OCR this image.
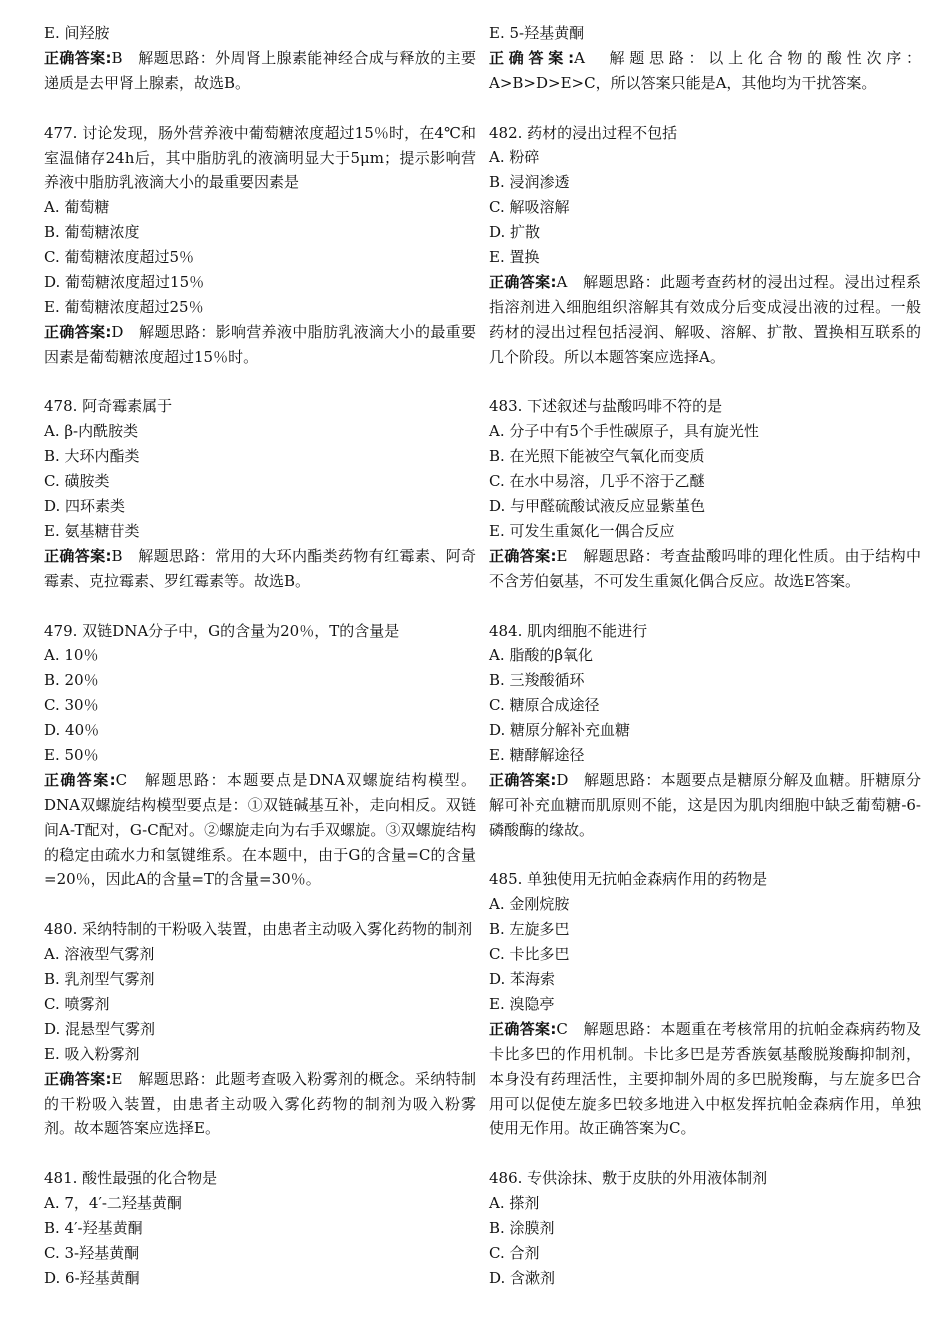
E. 间羟胺
正确答案:B　解题思路：外周肾上腺素能神经合成与释放的主要递质是去甲肾上腺素，故选B。
477. 讨论发现，肠外营养液中葡萄糖浓度超过15％时，在4℃和室温储存24h后，其中脂肪乳的液滴明显大于5μm；提示影响营养液中脂肪乳液滴大小的最重要因素是
A. 葡萄糖
B. 葡萄糖浓度
C. 葡萄糖浓度超过5％
D. 葡萄糖浓度超过15％
E. 葡萄糖浓度超过25％
正确答案:D　解题思路：影响营养液中脂肪乳液滴大小的最重要因素是葡萄糖浓度超过15％时。
478. 阿奇霉素属于
A. β-内酰胺类
B. 大环内酯类
C. 磺胺类
D. 四环素类
E. 氨基糖苷类
正确答案:B　解题思路：常用的大环内酯类药物有红霉素、阿奇霉素、克拉霉素、罗红霉素等。故选B。
479. 双链DNA分子中，G的含量为20％，T的含量是
A. 10％
B. 20％
C. 30％
D. 40％
E. 50％
正确答案:C　解题思路：本题要点是DNA双螺旋结构模型。DNA双螺旋结构模型要点是：①双链碱基互补，走向相反。双链间A-T配对，G-C配对。②螺旋走向为右手双螺旋。③双螺旋结构的稳定由疏水力和氢键维系。在本题中，由于G的含量=C的含量=20％，因此A的含量=T的含量=30％。
480. 采纳特制的干粉吸入装置，由患者主动吸入雾化药物的制剂
A. 溶液型气雾剂
B. 乳剂型气雾剂
C. 喷雾剂
D. 混悬型气雾剂
E. 吸入粉雾剂
正确答案:E　解题思路：此题考查吸入粉雾剂的概念。采纳特制的干粉吸入装置，由患者主动吸入雾化药物的制剂为吸入粉雾剂。故本题答案应选择E。
481. 酸性最强的化合物是
A. 7，4′-二羟基黄酮
B. 4′-羟基黄酮
C. 3-羟基黄酮
D. 6-羟基黄酮
E. 5-羟基黄酮
正确答案:A　解题思路：以上化合物的酸性次序：A>B>D>E>C，所以答案只能是A，其他均为干扰答案。
482. 药材的浸出过程不包括
A. 粉碎
B. 浸润渗透
C. 解吸溶解
D. 扩散
E. 置换
正确答案:A　解题思路：此题考查药材的浸出过程。浸出过程系指溶剂进入细胞组织溶解其有效成分后变成浸出液的过程。一般药材的浸出过程包括浸润、解吸、溶解、扩散、置换相互联系的几个阶段。所以本题答案应选择A。
483. 下述叙述与盐酸吗啡不符的是
A. 分子中有5个手性碳原子，具有旋光性
B. 在光照下能被空气氧化而变质
C. 在水中易溶，几乎不溶于乙醚
D. 与甲醛硫酸试液反应显紫堇色
E. 可发生重氮化一偶合反应
正确答案:E　解题思路：考查盐酸吗啡的理化性质。由于结构中不含芳伯氨基，不可发生重氮化偶合反应。故选E答案。
484. 肌肉细胞不能进行
A. 脂酸的β氧化
B. 三羧酸循环
C. 糖原合成途径
D. 糖原分解补充血糖
E. 糖酵解途径
正确答案:D　解题思路：本题要点是糖原分解及血糖。肝糖原分解可补充血糖而肌原则不能，这是因为肌肉细胞中缺乏葡萄糖-6-磷酸酶的缘故。
485. 单独使用无抗帕金森病作用的药物是
A. 金刚烷胺
B. 左旋多巴
C. 卡比多巴
D. 苯海索
E. 溴隐亭
正确答案:C　解题思路：本题重在考核常用的抗帕金森病药物及卡比多巴的作用机制。卡比多巴是芳香族氨基酸脱羧酶抑制剂，本身没有药理活性，主要抑制外周的多巴脱羧酶，与左旋多巴合用可以促使左旋多巴较多地进入中枢发挥抗帕金森病作用，单独使用无作用。故正确答案为C。
486. 专供涂抹、敷于皮肤的外用液体制剂
A. 搽剂
B. 涂膜剂
C. 合剂
D. 含漱剂
